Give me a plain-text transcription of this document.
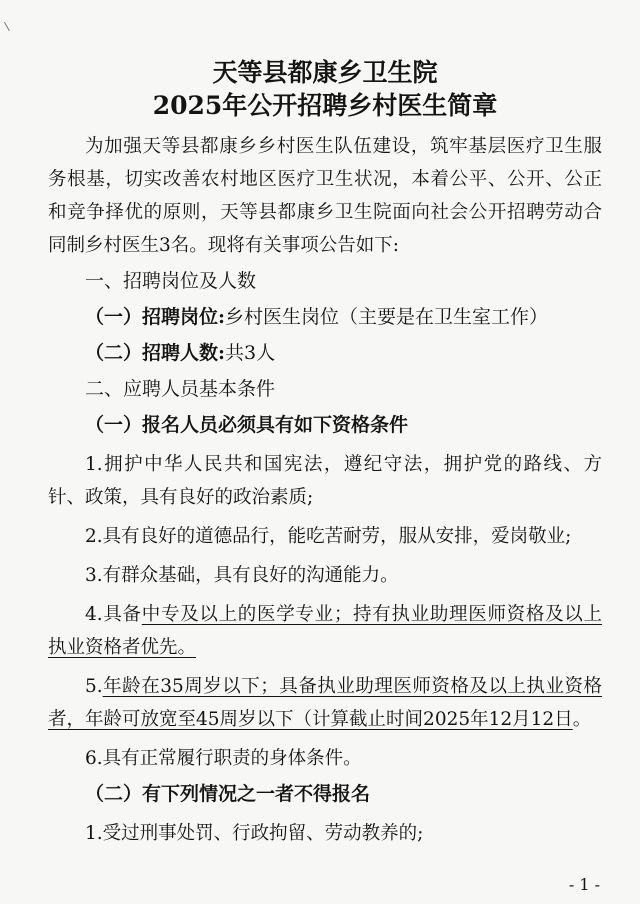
天等县都康乡卫生院

2025年公开招聘乡村医生简章

为加强天等县都康乡乡村医生队伍建设，筑牢基层医疗卫生服务根基，切实改善农村地区医疗卫生状况，本着公平、公开、公正和竞争择优的原则，天等县都康乡卫生院面向社会公开招聘劳动合同制乡村医生3名。现将有关事项公告如下:

一、招聘岗位及人数

（一）招聘岗位:乡村医生岗位（主要是在卫生室工作）

（二）招聘人数:共3人

二、应聘人员基本条件

（一）报名人员必须具有如下资格条件

1.拥护中华人民共和国宪法，遵纪守法，拥护党的路线、方针、政策，具有良好的政治素质;

2.具有良好的道德品行，能吃苦耐劳，服从安排，爱岗敬业;

3.有群众基础，具有良好的沟通能力。

4.具备中专及以上的医学专业；持有执业助理医师资格及以上执业资格者优先。

5.年龄在35周岁以下；具备执业助理医师资格及以上执业资格者，年龄可放宽至45周岁以下（计算截止时间2025年12月12日。

6.具有正常履行职责的身体条件。

（二）有下列情况之一者不得报名

1.受过刑事处罚、行政拘留、劳动教养的;

- 1 -
